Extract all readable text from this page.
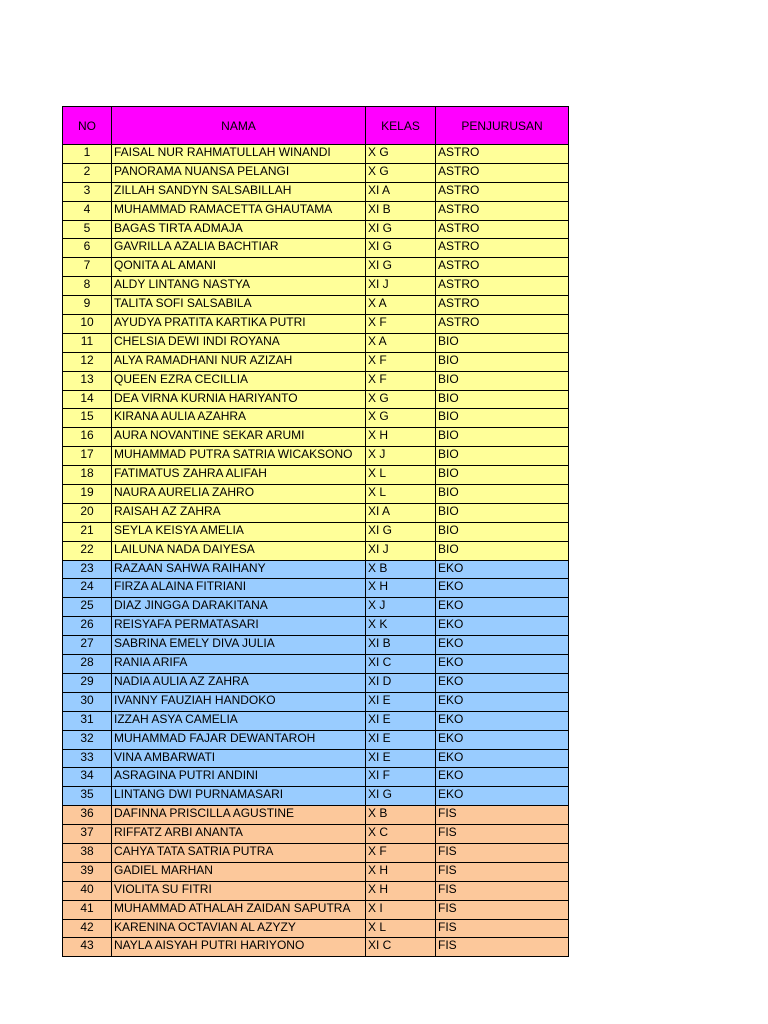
NO	NAMA	KELAS	PENJURUSAN
1	FAISAL NUR RAHMATULLAH WINANDI	X G	ASTRO
2	PANORAMA NUANSA PELANGI	X G	ASTRO
3	ZILLAH SANDYN SALSABILLAH	XI A	ASTRO
4	MUHAMMAD RAMACETTA GHAUTAMA	XI B	ASTRO
5	BAGAS TIRTA ADMAJA	XI G	ASTRO
6	GAVRILLA AZALIA BACHTIAR	XI G	ASTRO
7	QONITA AL AMANI	XI G	ASTRO
8	ALDY LINTANG NASTYA	XI J	ASTRO
9	TALITA SOFI SALSABILA	X A	ASTRO
10	AYUDYA PRATITA KARTIKA PUTRI	X F	ASTRO
11	CHELSIA DEWI INDI ROYANA	X A	BIO
12	ALYA RAMADHANI NUR AZIZAH	X F	BIO
13	QUEEN EZRA CECILLIA	X F	BIO
14	DEA VIRNA KURNIA HARIYANTO	X G	BIO
15	KIRANA AULIA AZAHRA	X G	BIO
16	AURA NOVANTINE SEKAR ARUMI	X H	BIO
17	MUHAMMAD PUTRA SATRIA WICAKSONO	X J	BIO
18	FATIMATUS ZAHRA ALIFAH	X L	BIO
19	NAURA AURELIA ZAHRO	X L	BIO
20	RAISAH AZ ZAHRA	XI A	BIO
21	SEYLA KEISYA AMELIA	XI G	BIO
22	LAILUNA NADA DAIYESA	XI J	BIO
23	RAZAAN SAHWA RAIHANY	X B	EKO
24	FIRZA ALAINA FITRIANI	X H	EKO
25	DIAZ JINGGA DARAKITANA	X J	EKO
26	REISYAFA PERMATASARI	X K	EKO
27	SABRINA EMELY DIVA JULIA	XI B	EKO
28	RANIA ARIFA	XI C	EKO
29	NADIA AULIA AZ ZAHRA	XI D	EKO
30	IVANNY FAUZIAH HANDOKO	XI E	EKO
31	IZZAH ASYA CAMELIA	XI E	EKO
32	MUHAMMAD FAJAR DEWANTAROH	XI E	EKO
33	VINA AMBARWATI	XI E	EKO
34	ASRAGINA PUTRI ANDINI	XI F	EKO
35	LINTANG DWI PURNAMASARI	XI G	EKO
36	DAFINNA PRISCILLA AGUSTINE	X B	FIS
37	RIFFATZ ARBI ANANTA	X C	FIS
38	CAHYA TATA SATRIA PUTRA	X F	FIS
39	GADIEL MARHAN	X H	FIS
40	VIOLITA SU FITRI	X H	FIS
41	MUHAMMAD ATHALAH ZAIDAN SAPUTRA	X I	FIS
42	KARENINA OCTAVIAN AL AZYZY	X L	FIS
43	NAYLA AISYAH PUTRI HARIYONO	XI C	FIS
